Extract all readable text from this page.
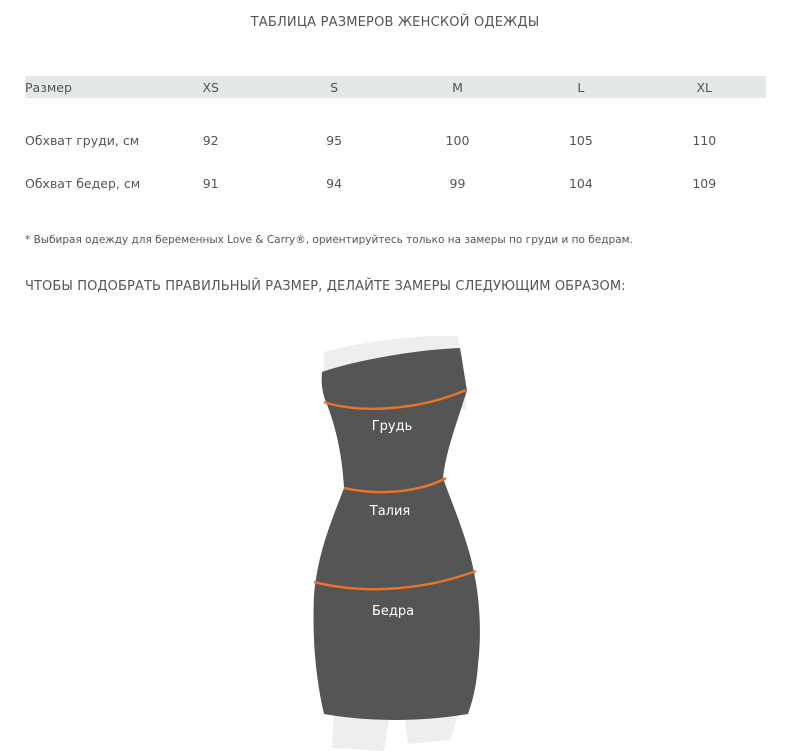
ТАБЛИЦА РАЗМЕРОВ ЖЕНСКОЙ ОДЕЖДЫ
Размер	XS	S	M	L	XL
Обхват груди, см	92	95	100	105	110
Обхват бедер, см	91	94	99	104	109
* Выбирая одежду для беременных Love & Carry®, ориентируйтесь только на замеры по груди и по бедрам.
ЧТОБЫ ПОДОБРАТЬ ПРАВИЛЬНЫЙ РАЗМЕР, ДЕЛАЙТЕ ЗАМЕРЫ СЛЕДУЮЩИМ ОБРАЗОМ:
Грудь
Талия
Бедра
